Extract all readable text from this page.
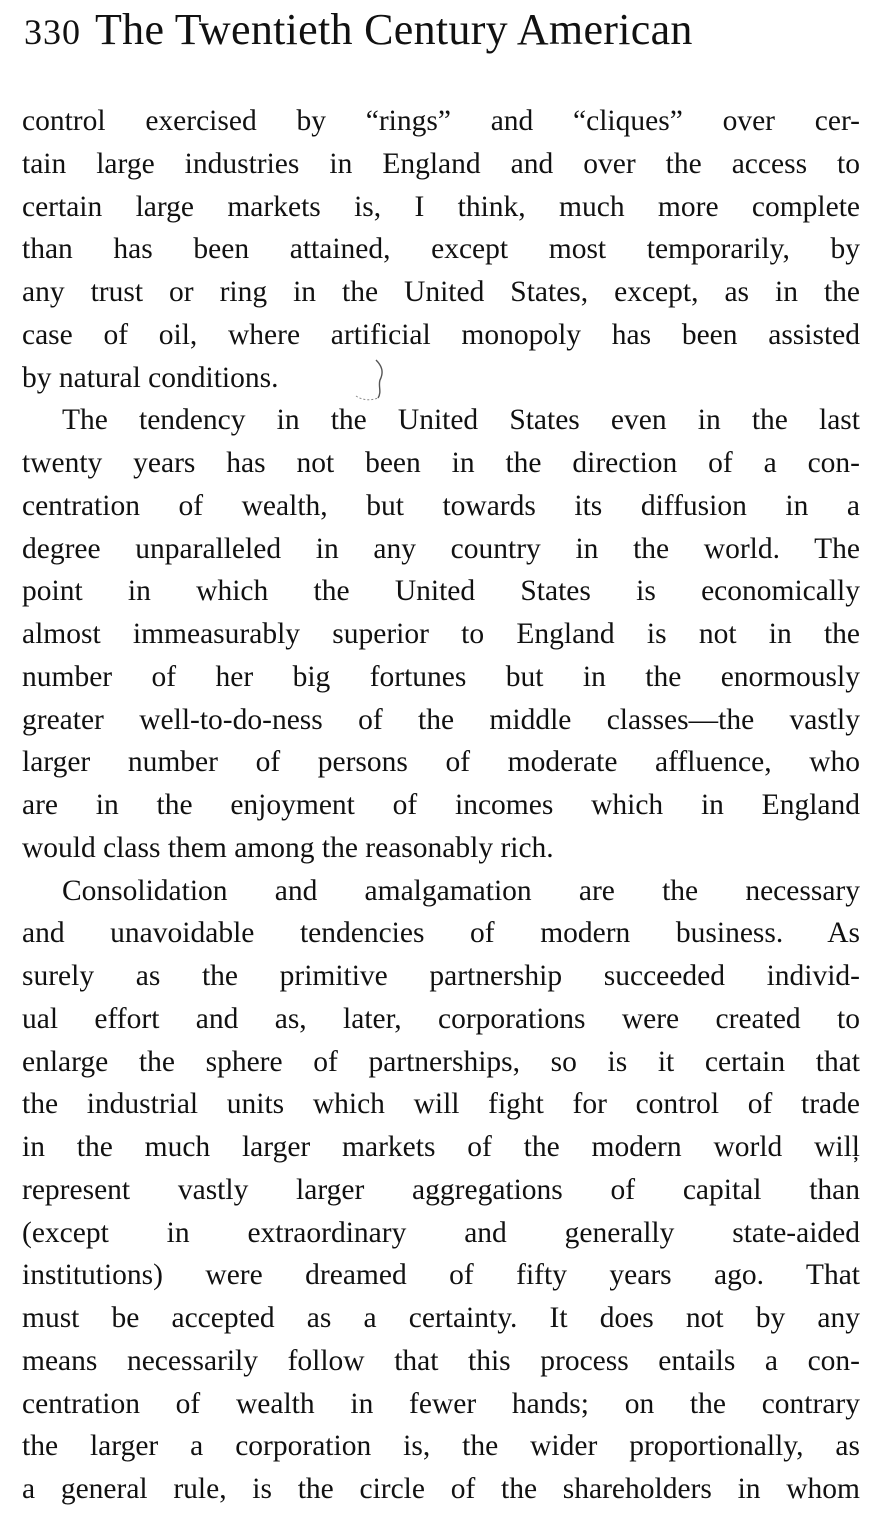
330 The Twentieth Century American
control exercised by “rings” and “cliques” over cer-
tain large industries in England and over the access to
certain large markets is, I think, much more complete
than has been attained, except most temporarily, by
any trust or ring in the United States, except, as in the
case of oil, where artificial monopoly has been assisted
by natural conditions.
The tendency in the United States even in the last
twenty years has not been in the direction of a con-
centration of wealth, but towards its diffusion in a
degree unparalleled in any country in the world. The
point in which the United States is economically
almost immeasurably superior to England is not in the
number of her big fortunes but in the enormously
greater well-to-do-ness of the middle classes—the vastly
larger number of persons of moderate affluence, who
are in the enjoyment of incomes which in England
would class them among the reasonably rich.
Consolidation and amalgamation are the necessary
and unavoidable tendencies of modern business. As
surely as the primitive partnership succeeded individ-
ual effort and as, later, corporations were created to
enlarge the sphere of partnerships, so is it certain that
the industrial units which will fight for control of trade
in the much larger markets of the modern world wilļ
represent vastly larger aggregations of capital than
(except in extraordinary and generally state-aided
institutions) were dreamed of fifty years ago. That
must be accepted as a certainty. It does not by any
means necessarily follow that this process entails a con-
centration of wealth in fewer hands; on the contrary
the larger a corporation is, the wider proportionally, as
a general rule, is the circle of the shareholders in whom
